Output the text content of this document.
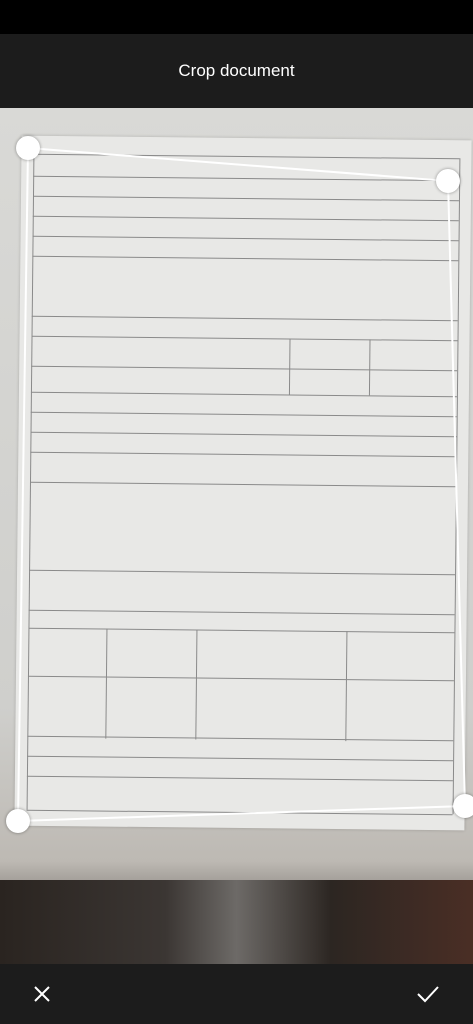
Crop document
